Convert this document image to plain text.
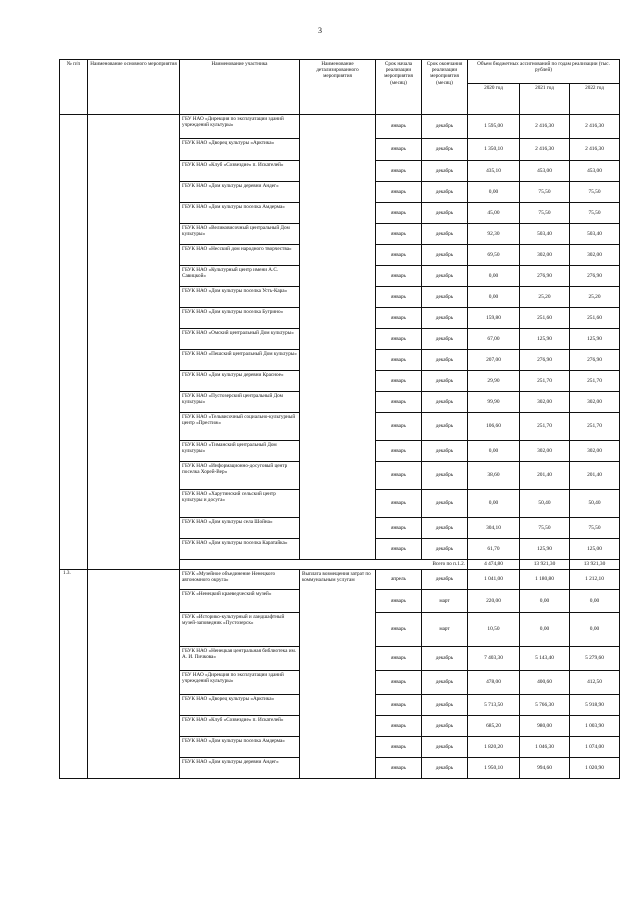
3
№ п/п	Наименование основного мероприятия	Наименование участника	Наименование детализированного мероприятия	Срок начала реализации мероприятия (месяц)	Срок окончания реализации мероприятия (месяц)	Объем бюджетных ассигнований по годам реализации (тыс. рублей)		
						2020 год	2021 год	2022 год
		ГБУ НАО «Дирекция по эксплуатации зданий учреждений культуры»		январь	декабрь	1 595,00	2 416,30	2 416,30
		ГБУК НАО «Дворец культуры «Арктика»		январь	декабрь	1 350,10	2 416,30	2 416,30
		ГБУК НАО «Клуб «Созвездие» п. Искателей»		январь	декабрь	435,10	453,00	453,00
		ГБУК НАО «Дом культуры деревни Андег»		январь	декабрь	0,00	75,50	75,50
		ГБУК НАО «Дом культуры поселка Амдерма»		январь	декабрь	45,00	75,50	75,50
		ГБУК НАО «Великовисочный центральный Дом культуры»		январь	декабрь	92,30	503,40	503,40
		ГБУК НАО «Несский дом народного творчества»		январь	декабрь	69,50	302,00	302,00
		ГБУК НАО «Культурный центр имени А.С. Савицкой»		январь	декабрь	0,00	276,90	276,90
		ГБУК НАО «Дом культуры поселка Усть-Кара»		январь	декабрь	0,00	25,20	25,20
		ГБУК НАО «Дом культуры поселка Бугрино»		январь	декабрь	159,80	251,60	251,60
		ГБУК НАО «Омский центральный Дом культуры»		январь	декабрь	67,00	125,90	125,90
		ГБУК НАО «Пешский центральный Дом культуры»		январь	декабрь	207,00	276,90	276,90
		ГБУК НАО «Дом культуры деревни Красное»		январь	декабрь	29,90	251,70	251,70
		ГБУК НАО «Пустозерский центральный Дом культуры»		январь	декабрь	99,90	302,00	302,00
		ГБУК НАО «Тельвисочный социально-культурный центр «Престиж»		январь	декабрь	106,60	251,70	251,70
		ГБУК НАО «Тиманский центральный Дом культуры»		январь	декабрь	0,00	302,00	302,00
		ГБУК НАО «Информационно-досуговый центр поселка Хорей-Вер»		январь	декабрь	38,60	201,40	201,40
		ГБУК НАО «Харутинский сельский центр культуры и досуга»		январь	декабрь	0,00	50,40	50,40
		ГБУК НАО «Дом культуры села Шойна»		январь	декабрь	304,10	75,50	75,50
		ГБУК НАО «Дом культуры поселка Каратайка»		январь	декабрь	61,70	125,90	125,00
		Всего по п.1.2.				4 474,80	13 921,30	13 921,30
1.3.		ГБУК «Музейное объединение Ненецкого автономного округа»	Выплата возмещения затрат по коммунальным услугам	апрель	декабрь	1 041,00	1 180,80	1 212,10
		ГБУК «Ненецкий краеведческий музей»		январь	март	220,00	0,00	0,00
		ГБУК «Историко-культурный и ландшафтный музей-заповедник «Пустозерск»		январь	март	10,50	0,00	0,00
		ГБУК НАО «Ненецкая центральная библиотека им. А. И. Пичкова»		январь	декабрь	7 403,30	5 143,40	5 279,60
		ГБУ НАО «Дирекция по эксплуатации зданий учреждений культуры»		январь	декабрь	478,00	400,60	412,50
		ГБУК НАО «Дворец культуры «Арктика»		январь	декабрь	5 713,50	5 766,30	5 918,90
		ГБУК НАО «Клуб «Созвездие» п. Искателей»		январь	декабрь	685,20	980,00	1 003,90
		ГБУК НАО «Дом культуры поселка Амдерма»		январь	декабрь	1 820,20	1 046,30	1 074,00
		ГБУК НАО «Дом культуры деревни Андег»		январь	декабрь	1 950,10	994,60	1 020,90
